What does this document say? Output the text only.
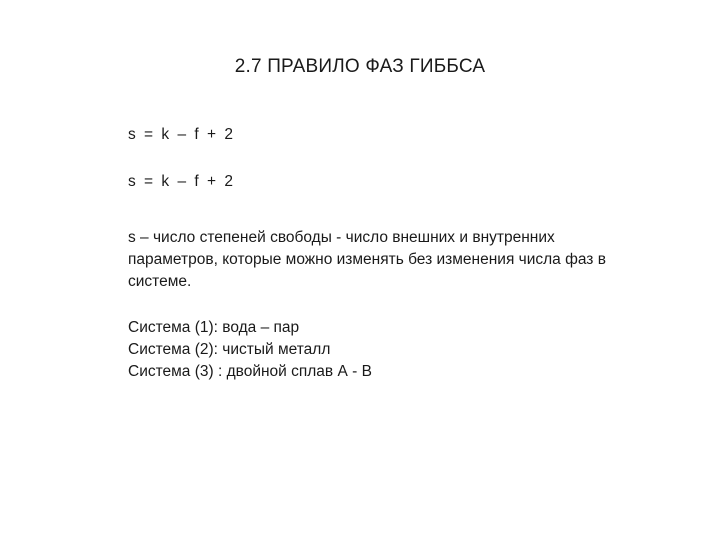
2.7 ПРАВИЛО ФАЗ ГИББСА

s = k – f + 2

s = k – f + 2

s – число степеней свободы - число внешних и внутренних параметров, которые можно изменять без изменения числа фаз в системе.

Система (1): вода – пар

Система (2): чистый металл

Система (3) : двойной сплав А - В
